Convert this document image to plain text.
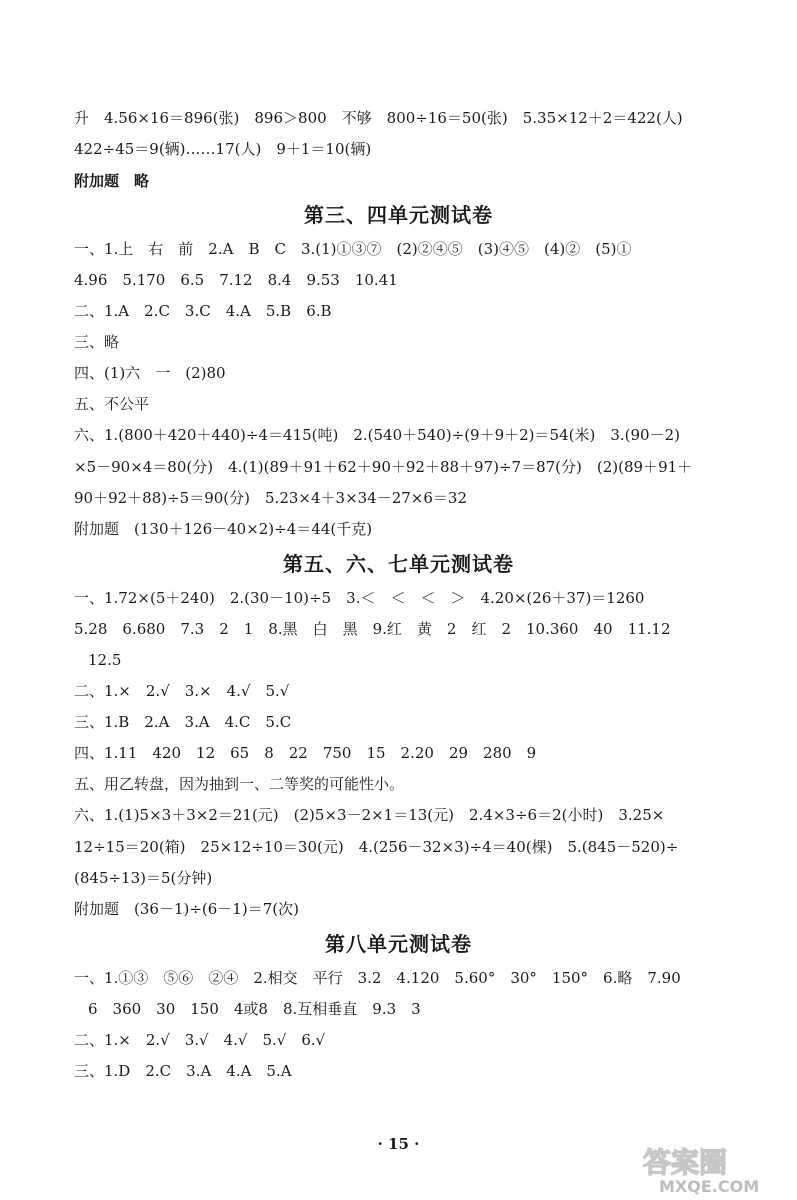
升　4.56×16＝896(张)　896＞800　不够　800÷16＝50(张)　5.35×12＋2＝422(人)
422÷45＝9(辆)……17(人)　9＋1＝10(辆)
附加题　略
第三、四单元测试卷
一、1.上　右　前　2.A　B　C　3.(1)①③⑦　(2)②④⑤　(3)④⑤　(4)②　(5)①
4.96　5.170　6.5　7.12　8.4　9.53　10.41
二、1.A　2.C　3.C　4.A　5.B　6.B
三、略
四、(1)六　一　(2)80
五、不公平
六、1.(800＋420＋440)÷4＝415(吨)　2.(540＋540)÷(9＋9＋2)＝54(米)　3.(90－2)
×5－90×4＝80(分)　4.(1)(89＋91＋62＋90＋92＋88＋97)÷7＝87(分)　(2)(89＋91＋
90＋92＋88)÷5＝90(分)　5.23×4＋3×34－27×6＝32
附加题　(130＋126－40×2)÷4＝44(千克)
第五、六、七单元测试卷
一、1.72×(5＋240)　2.(30－10)÷5　3.＜　＜　＜　＞　4.20×(26＋37)＝1260
5.28　6.680　7.3　2　1　8.黑　白　黑　9.红　黄　2　红　2　10.360　40　11.12
12.5
二、1.×　2.√　3.×　4.√　5.√
三、1.B　2.A　3.A　4.C　5.C
四、1.11　420　12　65　8　22　750　15　2.20　29　280　9
五、用乙转盘，因为抽到一、二等奖的可能性小。
六、1.(1)5×3＋3×2＝21(元)　(2)5×3－2×1＝13(元)　2.4×3÷6＝2(小时)　3.25×
12÷15＝20(箱)　25×12÷10＝30(元)　4.(256－32×3)÷4＝40(棵)　5.(845－520)÷
(845÷13)＝5(分钟)
附加题　(36－1)÷(6－1)＝7(次)
第八单元测试卷
一、1.①③　⑤⑥　②④　2.相交　平行　3.2　4.120　5.60°　30°　150°　6.略　7.90
6　360　30　150　4或8　8.互相垂直　9.3　3
二、1.×　2.√　3.√　4.√　5.√　6.√
三、1.D　2.C　3.A　4.A　5.A
· 15 ·
答案圈
MXQE.COM
